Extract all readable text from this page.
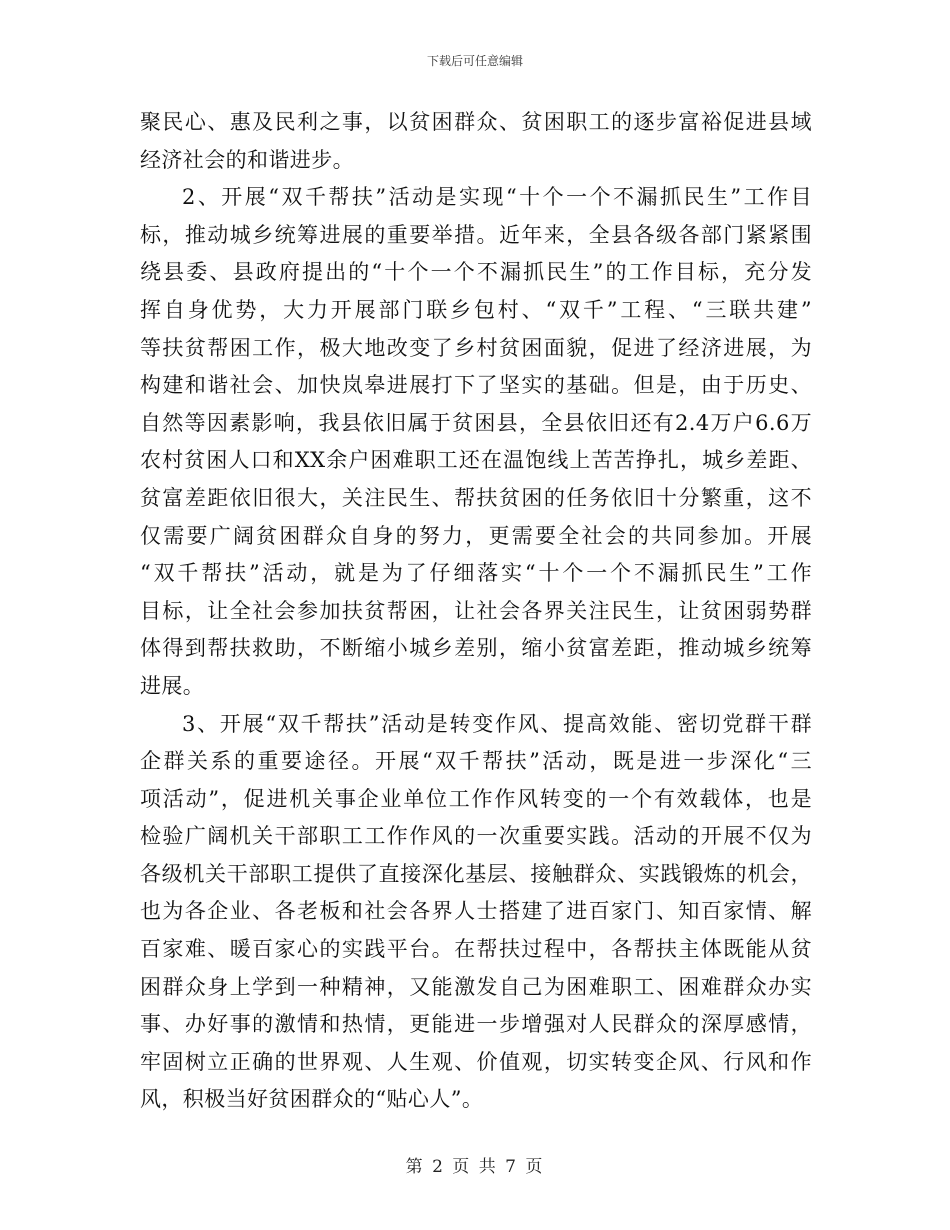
下载后可任意编辑
聚民心、惠及民利之事，以贫困群众、贫困职工的逐步富裕促进县域
经济社会的和谐进步。
2、开展“双千帮扶”活动是实现“十个一个不漏抓民生”工作目
标，推动城乡统筹进展的重要举措。近年来，全县各级各部门紧紧围
绕县委、县政府提出的“十个一个不漏抓民生”的工作目标，充分发
挥自身优势，大力开展部门联乡包村、“双千”工程、“三联共建”
等扶贫帮困工作，极大地改变了乡村贫困面貌，促进了经济进展，为
构建和谐社会、加快岚皋进展打下了坚实的基础。但是，由于历史、
自然等因素影响，我县依旧属于贫困县，全县依旧还有2.4万户6.6万
农村贫困人口和XX余户困难职工还在温饱线上苦苦挣扎，城乡差距、
贫富差距依旧很大，关注民生、帮扶贫困的任务依旧十分繁重，这不
仅需要广阔贫困群众自身的努力，更需要全社会的共同参加。开展
“双千帮扶”活动，就是为了仔细落实“十个一个不漏抓民生”工作
目标，让全社会参加扶贫帮困，让社会各界关注民生，让贫困弱势群
体得到帮扶救助，不断缩小城乡差别，缩小贫富差距，推动城乡统筹
进展。
3、开展“双千帮扶”活动是转变作风、提高效能、密切党群干群
企群关系的重要途径。开展“双千帮扶”活动，既是进一步深化“三
项活动”，促进机关事企业单位工作作风转变的一个有效载体，也是
检验广阔机关干部职工工作作风的一次重要实践。活动的开展不仅为
各级机关干部职工提供了直接深化基层、接触群众、实践锻炼的机会，
也为各企业、各老板和社会各界人士搭建了进百家门、知百家情、解
百家难、暖百家心的实践平台。在帮扶过程中，各帮扶主体既能从贫
困群众身上学到一种精神，又能激发自己为困难职工、困难群众办实
事、办好事的激情和热情，更能进一步增强对人民群众的深厚感情，
牢固树立正确的世界观、人生观、价值观，切实转变企风、行风和作
风，积极当好贫困群众的“贴心人”。
第 2 页 共 7 页
